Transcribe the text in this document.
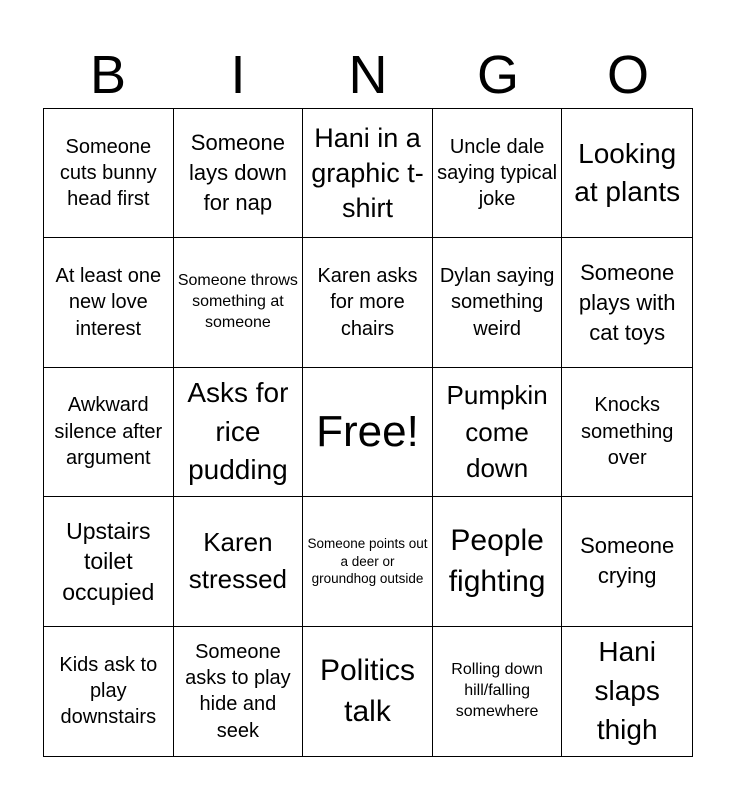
B	I	N	G	O
Someone cuts bunny head first
Someone lays down for nap
Hani in a graphic t-shirt
Uncle dale saying typical joke
Looking at plants
At least one new love interest
Someone throws something at someone
Karen asks for more chairs
Dylan saying something weird
Someone plays with cat toys
Awkward silence after argument
Asks for rice pudding
Free!
Pumpkin come down
Knocks something over
Upstairs toilet occupied
Karen stressed
Someone points out a deer or groundhog outside
People fighting
Someone crying
Kids ask to play downstairs
Someone asks to play hide and seek
Politics talk
Rolling down hill/falling somewhere
Hani slaps thigh
